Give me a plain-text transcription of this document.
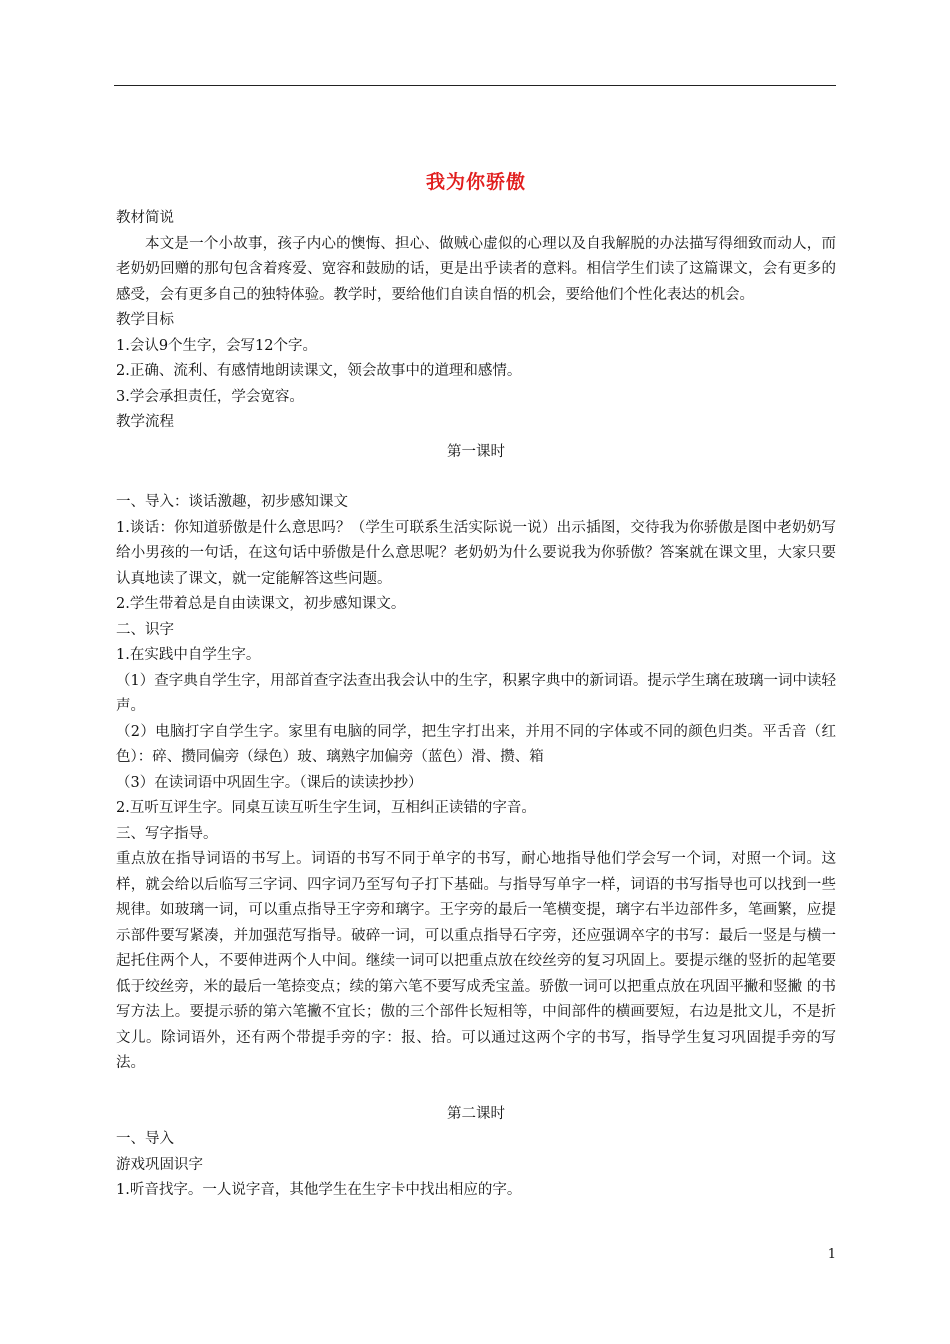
我为你骄傲

教材简说

本文是一个小故事，孩子内心的懊悔、担心、做贼心虚似的心理以及自我解脱的办法描写得细致而动人，而老奶奶回赠的那句包含着疼爱、宽容和鼓励的话，更是出乎读者的意料。相信学生们读了这篇课文，会有更多的感受，会有更多自己的独特体验。教学时，要给他们自读自悟的机会，要给他们个性化表达的机会。

教学目标

1.会认9个生字，会写12个字。

2.正确、流利、有感情地朗读课文，领会故事中的道理和感情。

3.学会承担责任，学会宽容。

教学流程

第一课时

一、导入：谈话激趣，初步感知课文

1.谈话：你知道骄傲是什么意思吗？（学生可联系生活实际说一说）出示插图，交待我为你骄傲是图中老奶奶写给小男孩的一句话，在这句话中骄傲是什么意思呢？老奶奶为什么要说我为你骄傲？答案就在课文里，大家只要认真地读了课文，就一定能解答这些问题。

2.学生带着总是自由读课文，初步感知课文。

二、识字

1.在实践中自学生字。

（1）查字典自学生字，用部首查字法查出我会认中的生字，积累字典中的新词语。提示学生璃在玻璃一词中读轻声。

（2）电脑打字自学生字。家里有电脑的同学，把生字打出来，并用不同的字体或不同的颜色归类。平舌音（红色）：碎、攒同偏旁（绿色）玻、璃熟字加偏旁（蓝色）滑、攒、箱

（3）在读词语中巩固生字。（课后的读读抄抄）

2.互听互评生字。同桌互读互听生字生词，互相纠正读错的字音。

三、写字指导。

重点放在指导词语的书写上。词语的书写不同于单字的书写，耐心地指导他们学会写一个词，对照一个词。这样，就会给以后临写三字词、四字词乃至写句子打下基础。与指导写单字一样，词语的书写指导也可以找到一些规律。如玻璃一词，可以重点指导王字旁和璃字。王字旁的最后一笔横变提，璃字右半边部件多，笔画繁，应提示部件要写紧凑，并加强范写指导。破碎一词，可以重点指导石字旁，还应强调卒字的书写：最后一竖是与横一起托住两个人，不要伸进两个人中间。继续一词可以把重点放在绞丝旁的复习巩固上。要提示继的竖折的起笔要低于绞丝旁，米的最后一笔捺变点；续的第六笔不要写成秃宝盖。骄傲一词可以把重点放在巩固平撇和竖撇 的书写方法上。要提示骄的第六笔撇不宜长；傲的三个部件长短相等，中间部件的横画要短，右边是批文儿，不是折文儿。除词语外，还有两个带提手旁的字：报、拾。可以通过这两个字的书写，指导学生复习巩固提手旁的写法。

第二课时

一、导入

游戏巩固识字

1.听音找字。一人说字音，其他学生在生字卡中找出相应的字。

1
